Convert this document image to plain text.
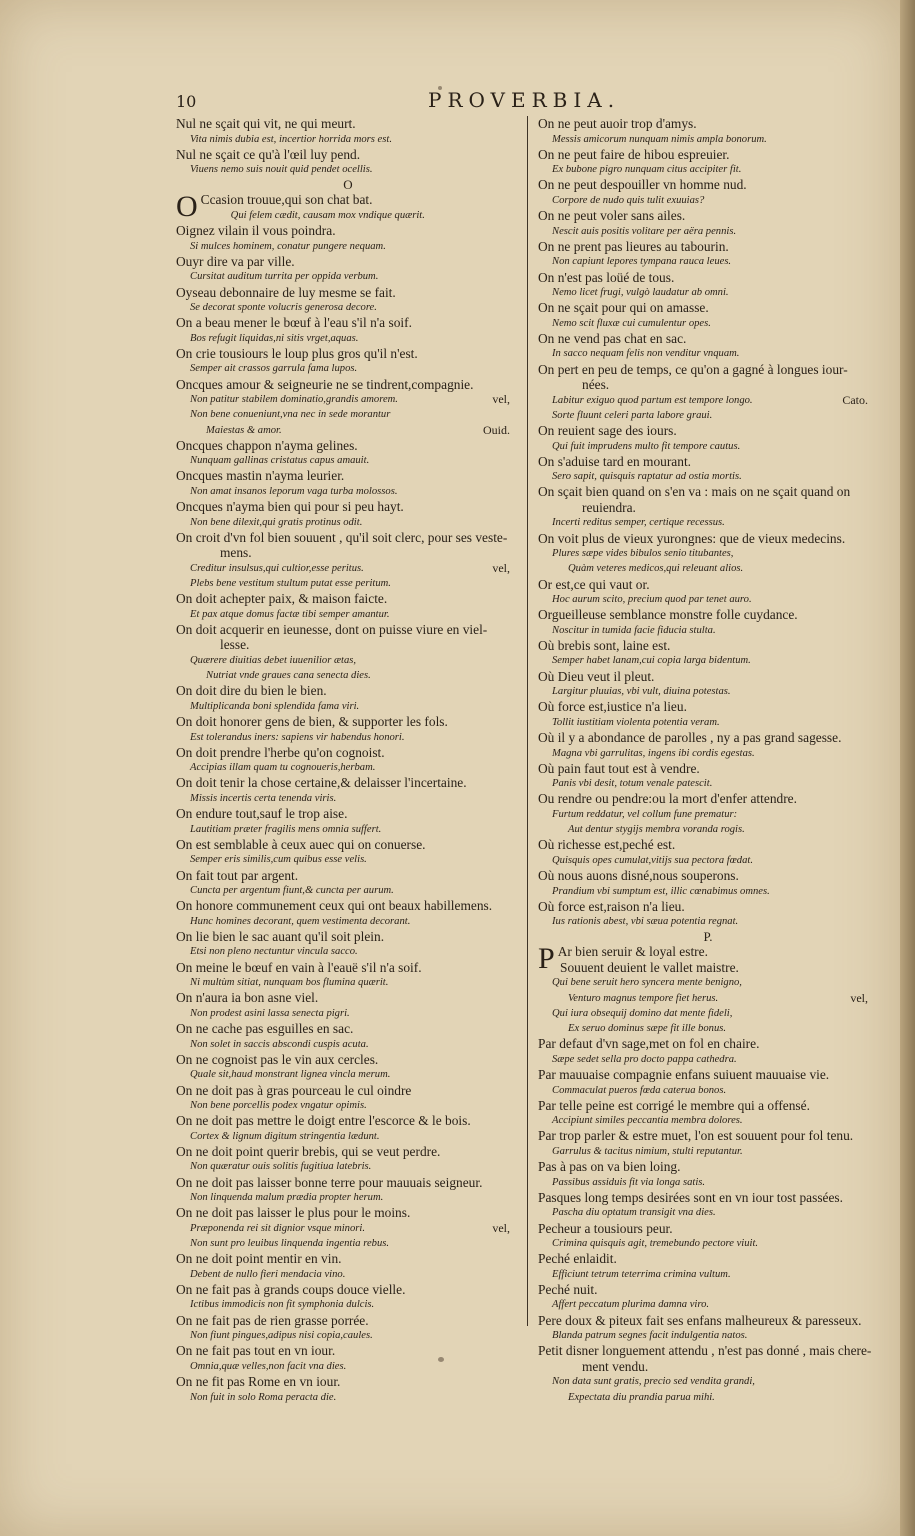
10	PROVERBIA.
Nul ne sçait qui vit, ne qui meurt.
Vita nimis dubia est, incertior horrida mors est.
Nul ne sçait ce qu'à l'œil luy pend.
Viuens nemo suis nouit quid pendet ocellis.
O
O Ccasion trouue,qui son chat bat.
Qui felem cædit, causam mox vndique quærit.
Oignez vilain il vous poindra.
Si mulces hominem, conatur pungere nequam.
Ouyr dire va par ville.
Cursitat auditum turrita per oppida verbum.
Oyseau debonnaire de luy mesme se fait.
Se decorat sponte volucris generosa decore.
On a beau mener le bœuf à l'eau s'il n'a soif.
Bos refugit liquidas,ni sitis vrget,aquas.
On crie tousiours le loup plus gros qu'il n'est.
Semper ait crassos garrula fama lupos.
Oncques amour & seigneurie ne se tindrent,compagnie.
Non patitur stabilem dominatio,grandis amorem.	vel,
Non bene conueniunt,vna nec in sede morantur
Maiestas & amor.	Ouid.
Oncques chappon n'ayma gelines.
Nunquam gallinas cristatus capus amauit.
Oncques mastin n'ayma leurier.
Non amat insanos leporum vaga turba molossos.
Oncques n'ayma bien qui pour si peu hayt.
Non bene dilexit,qui gratis protinus odit.
On croit d'vn fol bien souuent , qu'il soit clerc, pour ses veste-
mens.
Creditur insulsus,qui cultior,esse peritus.	vel,
Plebs bene vestitum stultum putat esse peritum.
On doit achepter paix, & maison faicte.
Et pax atque domus factæ tibi semper amantur.
On doit acquerir en ieunesse, dont on puisse viure en viel-
lesse.
Quærere diuitias debet iuuenilior ætas,
Nutriat vnde graues cana senecta dies.
On doit dire du bien le bien.
Multiplicanda boni splendida fama viri.
On doit honorer gens de bien, & supporter les fols.
Est tolerandus iners: sapiens vir habendus honori.
On doit prendre l'herbe qu'on cognoist.
Accipias illam quam tu cognoueris,herbam.
On doit tenir la chose certaine,& delaisser l'incertaine.
Missis incertis certa tenenda viris.
On endure tout,sauf le trop aise.
Lautitiam præter fragilis mens omnia suffert.
On est semblable à ceux auec qui on conuerse.
Semper eris similis,cum quibus esse velis.
On fait tout par argent.
Cuncta per argentum fiunt,& cuncta per aurum.
On honore communement ceux qui ont beaux habillemens.
Hunc homines decorant, quem vestimenta decorant.
On lie bien le sac auant qu'il soit plein.
Etsi non pleno nectuntur vincula sacco.
On meine le bœuf en vain à l'eauë s'il n'a soif.
Ni multùm sitiat, nunquam bos flumina quærit.
On n'aura ia bon asne viel.
Non prodest asini lassa senecta pigri.
On ne cache pas esguilles en sac.
Non solet in saccis abscondi cuspis acuta.
On ne cognoist pas le vin aux cercles.
Quale sit,haud monstrant lignea vincla merum.
On ne doit pas à gras pourceau le cul oindre
Non bene porcellis podex vngatur opimis.
On ne doit pas mettre le doigt entre l'escorce & le bois.
Cortex & lignum digitum stringentia lædunt.
On ne doit point querir brebis, qui se veut perdre.
Non quæratur ouis solitis fugitiua latebris.
On ne doit pas laisser bonne terre pour mauuais seigneur.
Non linquenda malum prædia propter herum.
On ne doit pas laisser le plus pour le moins.
Præponenda rei sit dignior vsque minori.	vel,
Non sunt pro leuibus linquenda ingentia rebus.
On ne doit point mentir en vin.
Debent de nullo fieri mendacia vino.
On ne fait pas à grands coups douce vielle.
Ictibus immodicis non fit symphonia dulcis.
On ne fait pas de rien grasse porrée.
Non fiunt pingues,adipus nisi copia,caules.
On ne fait pas tout en vn iour.
Omnia,quæ velles,non facit vna dies.
On ne fit pas Rome en vn iour.
Non fuit in solo Roma peracta die.
On ne peut auoir trop d'amys.
Messis amicorum nunquam nimis ampla bonorum.
On ne peut faire de hibou espreuier.
Ex bubone pigro nunquam citus accipiter fit.
On ne peut despouiller vn homme nud.
Corpore de nudo quis tulit exuuias?
On ne peut voler sans ailes.
Nescit auis positis volitare per aëra pennis.
On ne prent pas lieures au tabourin.
Non capiunt lepores tympana rauca leues.
On n'est pas loüé de tous.
Nemo licet frugi, vulgò laudatur ab omni.
On ne sçait pour qui on amasse.
Nemo scit fluxæ cui cumulentur opes.
On ne vend pas chat en sac.
In sacco nequam felis non venditur vnquam.
On pert en peu de temps, ce qu'on a gagné à longues iour-
nées.
Labitur exiguo quod partum est tempore longo.	Cato.
Sorte fluunt celeri parta labore graui.
On reuient sage des iours.
Qui fuit imprudens multo fit tempore cautus.
On s'aduise tard en mourant.
Sero sapit, quisquis raptatur ad ostia mortis.
On sçait bien quand on s'en va : mais on ne sçait quand on
reuiendra.
Incerti reditus semper, certique recessus.
On voit plus de vieux yurongnes: que de vieux medecins.
Plures sæpe vides bibulos senio titubantes,
Quàm veteres medicos,qui releuant alios.
Or est,ce qui vaut or.
Hoc aurum scito, precium quod par tenet auro.
Orgueilleuse semblance monstre folle cuydance.
Noscitur in tumida facie fiducia stulta.
Où brebis sont, laine est.
Semper habet lanam,cui copia larga bidentum.
Où Dieu veut il pleut.
Largitur pluuias, vbi vult, diuina potestas.
Où force est,iustice n'a lieu.
Tollit iustitiam violenta potentia veram.
Où il y a abondance de parolles , ny a pas grand sagesse.
Magna vbi garrulitas, ingens ibi cordis egestas.
Où pain faut tout est à vendre.
Panis vbi desit, totum venale patescit.
Ou rendre ou pendre:ou la mort d'enfer attendre.
Furtum reddatur, vel collum fune prematur:
Aut dentur stygijs membra voranda rogis.
Où richesse est,peché est.
Quisquis opes cumulat,vitijs sua pectora fœdat.
Où nous auons disné,nous souperons.
Prandium vbi sumptum est, illic cœnabimus omnes.
Où force est,raison n'a lieu.
Ius rationis abest, vbi sæua potentia regnat.
P.
P Ar bien seruir & loyal estre.
Souuent deuient le vallet maistre.
Qui bene seruit hero syncera mente benigno,
Venturo magnus tempore fiet herus.	vel,
Qui iura obsequij domino dat mente fideli,
Ex seruo dominus sæpe fit ille bonus.
Par defaut d'vn sage,met on fol en chaire.
Sæpe sedet sella pro docto pappa cathedra.
Par mauuaise compagnie enfans suiuent mauuaise vie.
Commaculat pueros fœda caterua bonos.
Par telle peine est corrigé le membre qui a offensé.
Accipiunt similes peccantia membra dolores.
Par trop parler & estre muet, l'on est souuent pour fol tenu.
Garrulus & tacitus nimium, stulti reputantur.
Pas à pas on va bien loing.
Passibus assiduis fit via longa satis.
Pasques long temps desirées sont en vn iour tost passées.
Pascha diu optatum transigit vna dies.
Pecheur a tousiours peur.
Crimina quisquis agit, tremebundo pectore viuit.
Peché enlaidit.
Efficiunt tetrum teterrima crimina vultum.
Peché nuit.
Affert peccatum plurima damna viro.
Pere doux & piteux fait ses enfans malheureux & paresseux.
Blanda patrum segnes facit indulgentia natos.
Petit disner longuement attendu , n'est pas donné , mais chere-
ment vendu.
Non data sunt gratis, precio sed vendita grandi,
Expectata diu prandia parua mihi.
